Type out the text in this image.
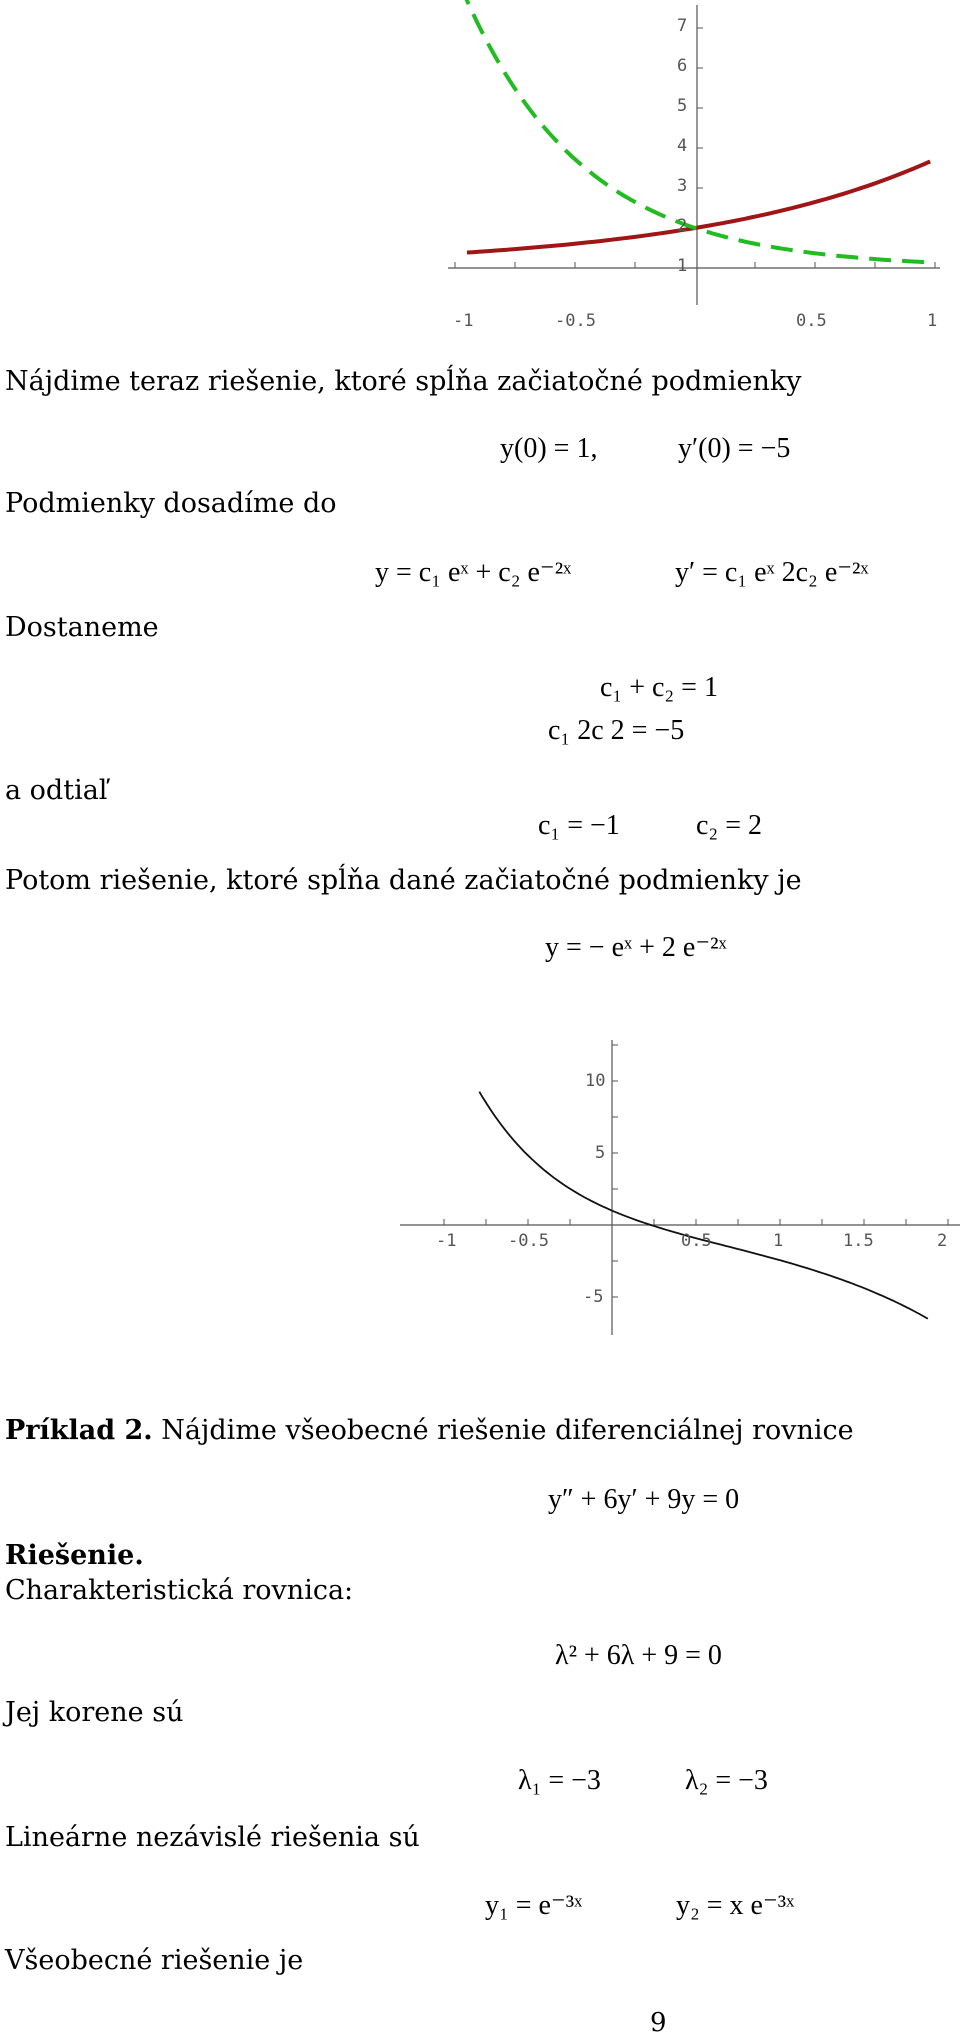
-1	-0.5	0.5	1
1
2
3
4
5
6
7
Nájdime teraz riešenie, ktoré spĺňa začiatočné podmienky
y(0) = 1,	y′(0) = −5
Podmienky dosadíme do
y = c₁ eˣ + c₂ e⁻²ˣ	y′ = c₁ eˣ 2c₂ e⁻²ˣ
Dostaneme
c₁ + c₂ = 1
c₁ 2c 2 = −5
a odtiaľ
c₁ = −1	c₂ = 2
Potom riešenie, ktoré spĺňa dané začiatočné podmienky je
y = − eˣ + 2 e⁻²ˣ
-1	-0.5	0.5	1	1.5	2
10
5
-5
Príklad 2. Nájdime všeobecné riešenie diferenciálnej rovnice
y″ + 6y′ + 9y = 0
Riešenie.
Charakteristická rovnica:
λ² + 6λ + 9 = 0
Jej korene sú
λ₁ = −3	λ₂ = −3
Lineárne nezávislé riešenia sú
y₁ = e⁻³ˣ	y₂ = x e⁻³ˣ
Všeobecné riešenie je
9
